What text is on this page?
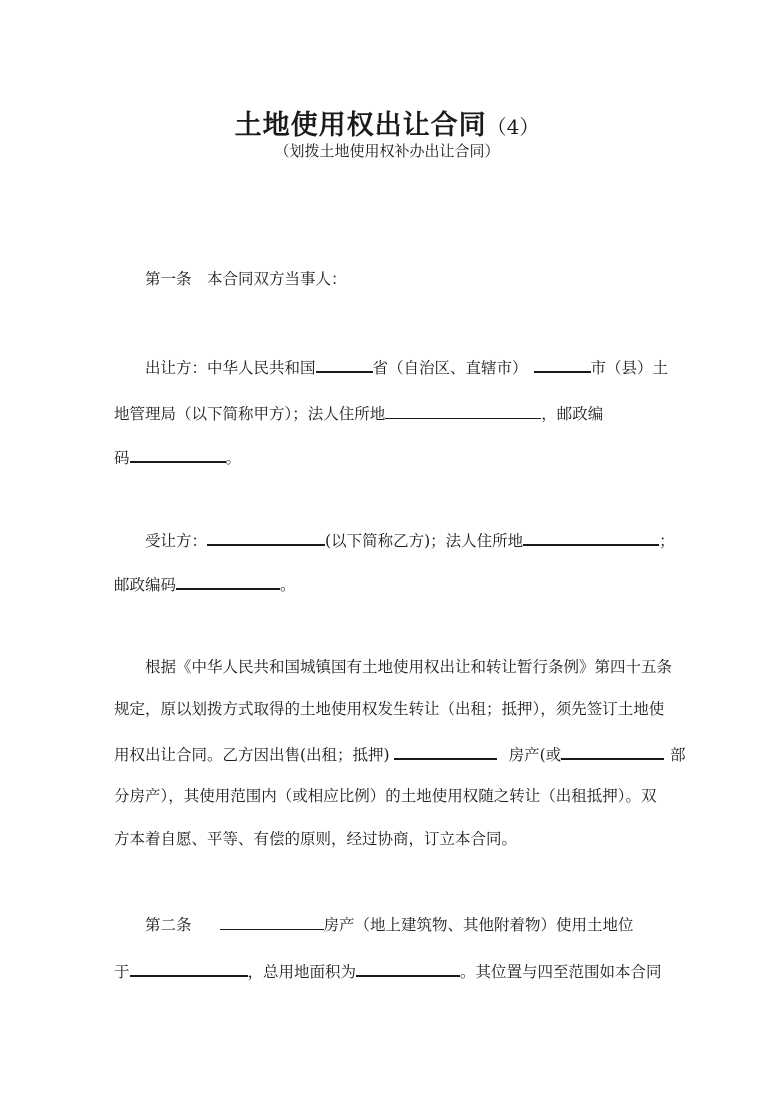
土地使用权出让合同（4）
（划拨土地使用权补办出让合同）
第一条　本合同双方当事人：
出让方：中华人民共和国	省（自治区、直辖市）	市（县）土
地管理局（以下简称甲方）；法人住所地	，邮政编
码	。
受让方：	(以下简称乙方)；法人住所地	；
邮政编码	。
根据《中华人民共和国城镇国有土地使用权出让和转让暂行条例》第四十五条
规定，原以划拨方式取得的土地使用权发生转让（出租；抵押），须先签订土地使
用权出让合同。乙方因出售(出租；抵押)	房产(或	部
分房产），其使用范围内（或相应比例）的土地使用权随之转让（出租抵押）。双
方本着自愿、平等、有偿的原则，经过协商，订立本合同。
第二条	房产（地上建筑物、其他附着物）使用土地位
于	，总用地面积为	。其位置与四至范围如本合同
